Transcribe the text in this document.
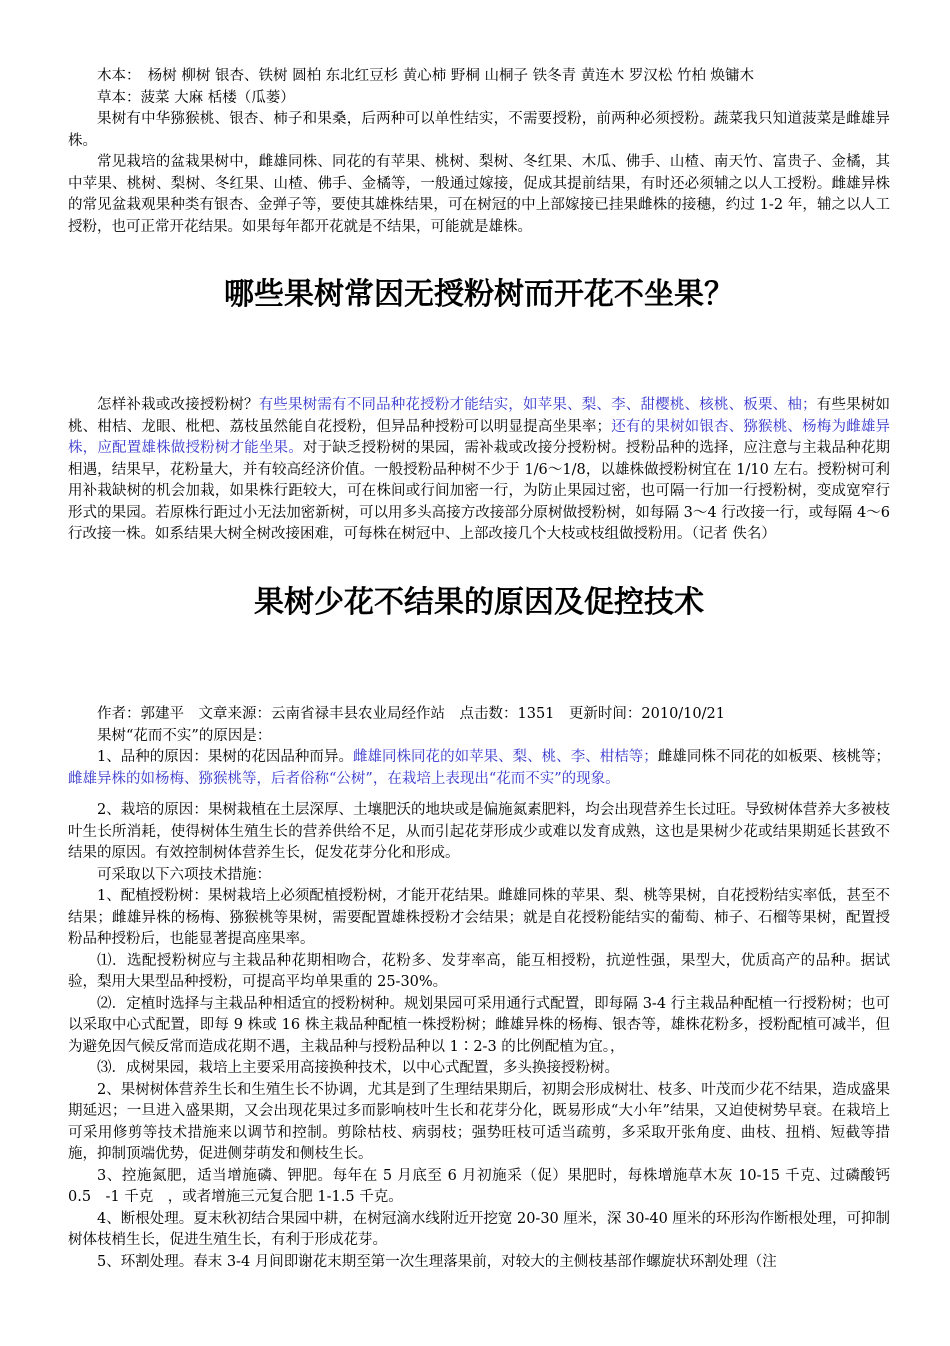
木本：　杨树 柳树 银杏、铁树 圆柏 东北红豆杉 黄心柿 野桐 山桐子 铁冬青 黄连木 罗汉松 竹柏 焕镛木

草本：菠菜 大麻 栝楼（瓜蒌）

果树有中华猕猴桃、银杏、柿子和果桑，后两种可以单性结实，不需要授粉，前两种必须授粉。蔬菜我只知道菠菜是雌雄异株。

常见栽培的盆栽果树中，雌雄同株、同花的有苹果、桃树、梨树、冬红果、木瓜、佛手、山楂、南天竹、富贵子、金橘，其中苹果、桃树、梨树、冬红果、山楂、佛手、金橘等，一般通过嫁接，促成其提前结果，有时还必须辅之以人工授粉。雌雄异株的常见盆栽观果种类有银杏、金弹子等，要使其雄株结果，可在树冠的中上部嫁接已挂果雌株的接穗，约过 1-2 年，辅之以人工授粉，也可正常开花结果。如果每年都开花就是不结果，可能就是雄株。

哪些果树常因无授粉树而开花不坐果？

怎样补栽或改接授粉树？有些果树需有不同品种花授粉才能结实，如苹果、梨、李、甜樱桃、核桃、板栗、柚；有些果树如桃、柑桔、龙眼、枇杷、荔枝虽然能自花授粉，但异品种授粉可以明显提高坐果率；还有的果树如银杏、猕猴桃、杨梅为雌雄异株，应配置雄株做授粉树才能坐果。对于缺乏授粉树的果园，需补栽或改接分授粉树。授粉品种的选择，应注意与主栽品种花期相遇，结果早，花粉量大，并有较高经济价值。一般授粉品种树不少于 1/6～1/8，以雄株做授粉树宜在 1/10 左右。授粉树可利用补栽缺树的机会加栽，如果株行距较大，可在株间或行间加密一行，为防止果园过密，也可隔一行加一行授粉树，变成宽窄行形式的果园。若原株行距过小无法加密新树，可以用多头高接方改接部分原树做授粉树，如每隔 3～4 行改接一行，或每隔 4～6 行改接一株。如系结果大树全树改接困难，可每株在树冠中、上部改接几个大枝或枝组做授粉用。（记者 佚名）

果树少花不结果的原因及促控技术

作者：郭建平　文章来源：云南省禄丰县农业局经作站　点击数：1351　更新时间：2010/10/21

果树“花而不实”的原因是：

1、品种的原因：果树的花因品种而异。雌雄同株同花的如苹果、梨、桃、李、柑桔等；雌雄同株不同花的如板栗、核桃等；雌雄异株的如杨梅、猕猴桃等，后者俗称“公树”，在栽培上表现出“花而不实”的现象。

2、栽培的原因：果树栽植在土层深厚、土壤肥沃的地块或是偏施氮素肥料，均会出现营养生长过旺。导致树体营养大多被枝叶生长所消耗，使得树体生殖生长的营养供给不足，从而引起花芽形成少或难以发育成熟，这也是果树少花或结果期延长甚致不结果的原因。有效控制树体营养生长，促发花芽分化和形成。

可采取以下六项技术措施：

1、配植授粉树：果树栽培上必须配植授粉树，才能开花结果。雌雄同株的苹果、梨、桃等果树，自花授粉结实率低，甚至不结果；雌雄异株的杨梅、猕猴桃等果树，需要配置雄株授粉才会结果；就是自花授粉能结实的葡萄、柿子、石榴等果树，配置授粉品种授粉后，也能显著提高座果率。

⑴．选配授粉树应与主栽品种花期相吻合，花粉多、发芽率高，能互相授粉，抗逆性强，果型大，优质高产的品种。据试验，梨用大果型品种授粉，可提高平均单果重的 25-30%。

⑵．定植时选择与主栽品种相适宜的授粉树种。规划果园可采用通行式配置，即每隔 3-4 行主栽品种配植一行授粉树；也可以采取中心式配置，即每 9 株或 16 株主栽品种配植一株授粉树；雌雄异株的杨梅、银杏等，雄株花粉多，授粉配植可减半，但为避免因气候反常而造成花期不遇，主栽品种与授粉品种以 1∶2-3 的比例配植为宜。，

⑶．成树果园，栽培上主要采用高接换种技术，以中心式配置，多头换接授粉树。

2、果树树体营养生长和生殖生长不协调，尤其是到了生理结果期后，初期会形成树壮、枝多、叶茂而少花不结果，造成盛果期延迟；一旦进入盛果期，又会出现花果过多而影响枝叶生长和花芽分化，既易形成“大小年”结果，又迫使树势早衰。在栽培上可采用修剪等技术措施来以调节和控制。剪除枯枝、病弱枝；强势旺枝可适当疏剪，多采取开张角度、曲枝、扭梢、短截等措施，抑制顶端优势，促进侧芽萌发和侧枝生长。

3、控施氮肥，适当增施磷、钾肥。每年在 5 月底至 6 月初施采（促）果肥时，每株增施草木灰 10-15 千克、过磷酸钙 0.5　-1 千克　，或者增施三元复合肥 1-1.5 千克。

4、断根处理。夏末秋初结合果园中耕，在树冠滴水线附近开挖宽 20-30 厘米，深 30-40 厘米的环形沟作断根处理，可抑制树体枝梢生长，促进生殖生长，有利于形成花芽。

5、环割处理。春末 3-4 月间即谢花末期至第一次生理落果前，对较大的主侧枝基部作螺旋状环割处理（注
